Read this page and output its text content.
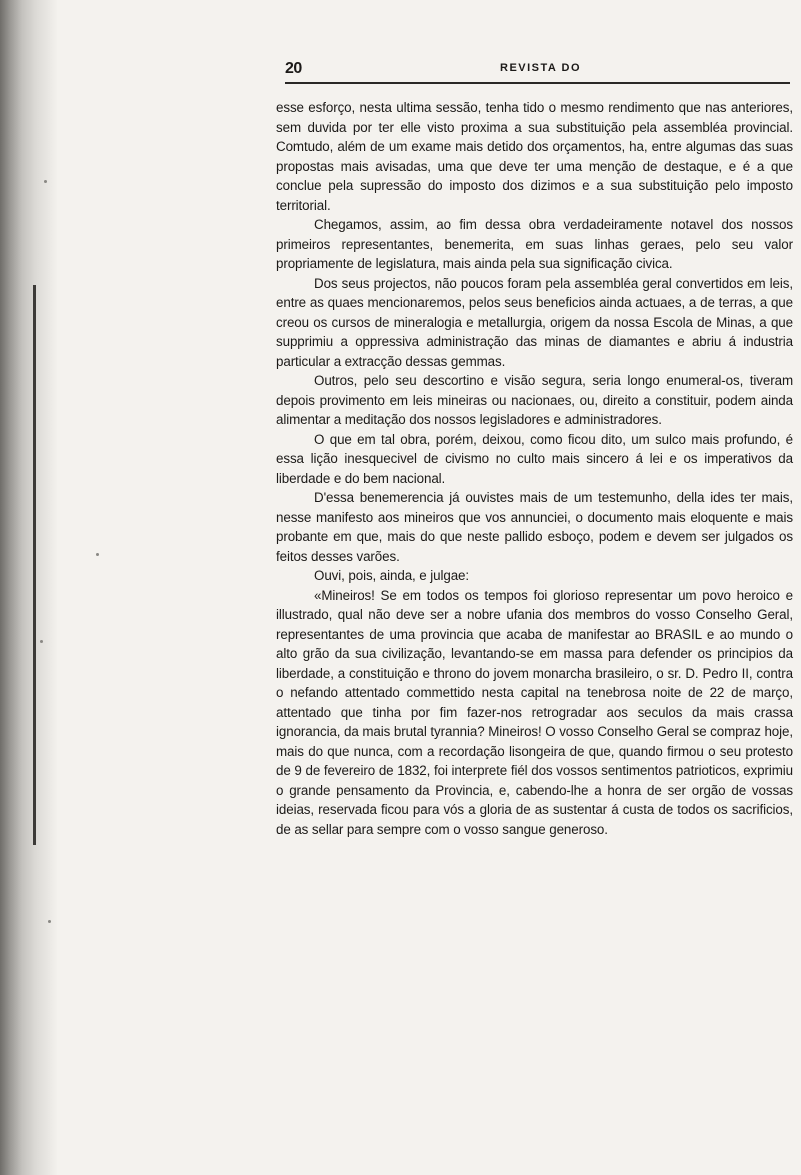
20	REVISTA DO

esse esforço, nesta ultima sessão, tenha tido o mesmo rendimento que nas anteriores, sem duvida por ter elle visto proxima a sua substituição pela assembléa provincial. Comtudo, além de um exame mais detido dos orçamentos, ha, entre algumas das suas propostas mais avisadas, uma que deve ter uma menção de destaque, e é a que conclue pela supressão do imposto dos dizimos e a sua substituição pelo imposto territorial.

Chegamos, assim, ao fim dessa obra verdadeiramente notavel dos nossos primeiros representantes, benemerita, em suas linhas geraes, pelo seu valor propriamente de legislatura, mais ainda pela sua significação civica.

Dos seus projectos, não poucos foram pela assembléa geral convertidos em leis, entre as quaes mencionaremos, pelos seus beneficios ainda actuaes, a de terras, a que creou os cursos de mineralogia e metallurgia, origem da nossa Escola de Minas, a que supprimiu a oppressiva administração das minas de diamantes e abriu á industria particular a extracção dessas gemmas.

Outros, pelo seu descortino e visão segura, seria longo enumeral-os, tiveram depois provimento em leis mineiras ou nacionaes, ou, direito a constituir, podem ainda alimentar a meditação dos nossos legisladores e administradores.

O que em tal obra, porém, deixou, como ficou dito, um sulco mais profundo, é essa lição inesquecivel de civismo no culto mais sincero á lei e os imperativos da liberdade e do bem nacional.

D'essa benemerencia já ouvistes mais de um testemunho, della ides ter mais, nesse manifesto aos mineiros que vos annunciei, o documento mais eloquente e mais probante em que, mais do que neste pallido esboço, podem e devem ser julgados os feitos desses varões.

Ouvi, pois, ainda, e julgae:

«Mineiros! Se em todos os tempos foi glorioso representar um povo heroico e illustrado, qual não deve ser a nobre ufania dos membros do vosso Conselho Geral, representantes de uma provincia que acaba de manifestar ao BRASIL e ao mundo o alto grão da sua civilização, levantando-se em massa para defender os principios da liberdade, a constituição e throno do jovem monarcha brasileiro, o sr. D. Pedro II, contra o nefando attentado commettido nesta capital na tenebrosa noite de 22 de março, attentado que tinha por fim fazer-nos retrogradar aos seculos da mais crassa ignorancia, da mais brutal tyrannia? Mineiros! O vosso Conselho Geral se compraz hoje, mais do que nunca, com a recordação lisongeira de que, quando firmou o seu protesto de 9 de fevereiro de 1832, foi interprete fiél dos vossos sentimentos patrioticos, exprimiu o grande pensamento da Provincia, e, cabendo-lhe a honra de ser orgão de vossas ideias, reservada ficou para vós a gloria de as sustentar á custa de todos os sacrificios, de as sellar para sempre com o vosso sangue generoso.
